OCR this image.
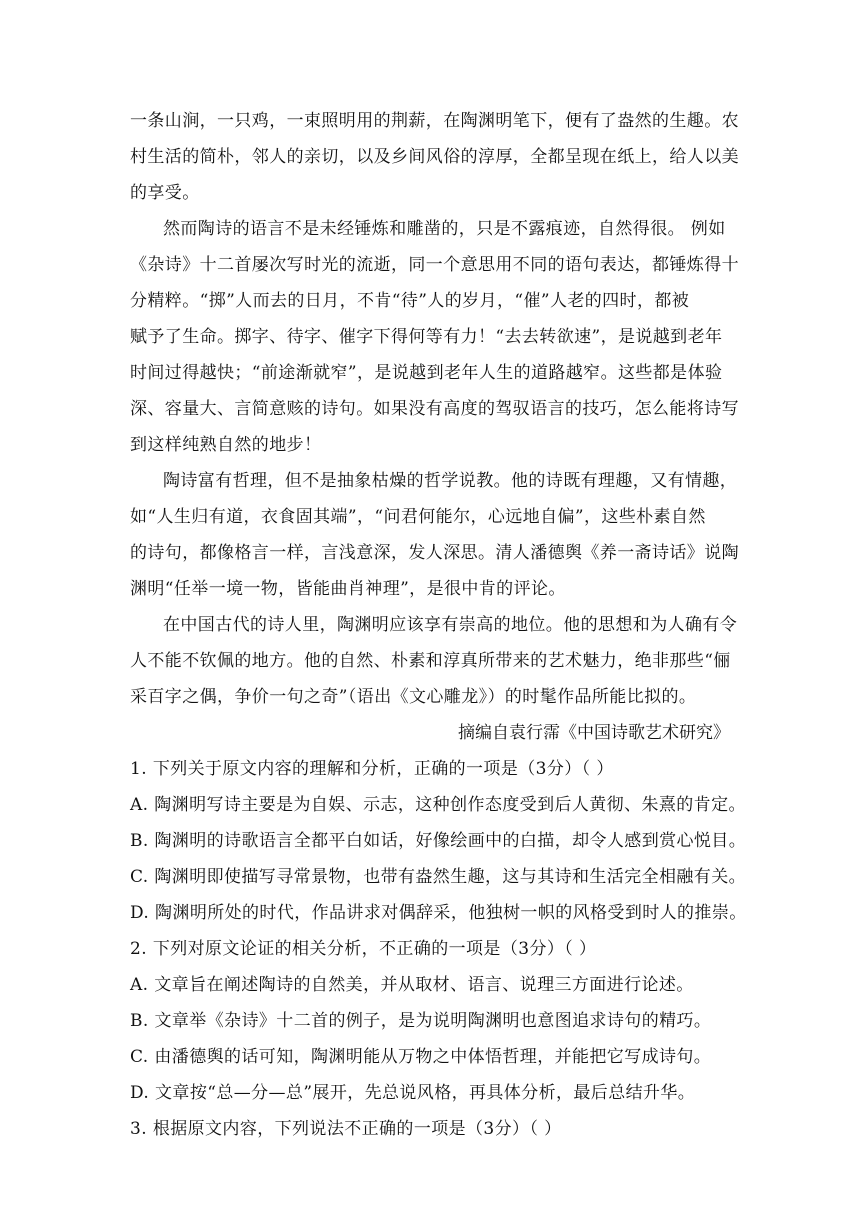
一条山涧，一只鸡，一束照明用的荆薪，在陶渊明笔下，便有了盎然的生趣。农
村生活的简朴，邻人的亲切，以及乡间风俗的淳厚，全都呈现在纸上，给人以美
的享受。
然而陶诗的语言不是未经锤炼和雕凿的，只是不露痕迹，自然得很。 例如
《杂诗》十二首屡次写时光的流逝，同一个意思用不同的语句表达，都锤炼得十
分精粹。“掷”人而去的日月，不肯“待”人的岁月，“催”人老的四时，都被
赋予了生命。掷字、待字、催字下得何等有力！“去去转欲速”，是说越到老年
时间过得越快；“前途渐就窄”，是说越到老年人生的道路越窄。这些都是体验
深、容量大、言简意赅的诗句。如果没有高度的驾驭语言的技巧，怎么能将诗写
到这样纯熟自然的地步！
陶诗富有哲理，但不是抽象枯燥的哲学说教。他的诗既有理趣，又有情趣，
如“人生归有道，衣食固其端”，“问君何能尔，心远地自偏”，这些朴素自然
的诗句，都像格言一样，言浅意深，发人深思。清人潘德舆《养一斋诗话》说陶
渊明“任举一境一物，皆能曲肖神理”，是很中肯的评论。
在中国古代的诗人里，陶渊明应该享有崇高的地位。他的思想和为人确有令
人不能不钦佩的地方。他的自然、朴素和淳真所带来的艺术魅力，绝非那些“俪
采百字之偶，争价一句之奇”（语出《文心雕龙》）的时髦作品所能比拟的。
摘编自袁行霈《中国诗歌艺术研究》
1. 下列关于原文内容的理解和分析，正确的一项是（3分）（ ）
A. 陶渊明写诗主要是为自娱、示志，这种创作态度受到后人黄彻、朱熹的肯定。
B. 陶渊明的诗歌语言全都平白如话，好像绘画中的白描，却令人感到赏心悦目。
C. 陶渊明即使描写寻常景物，也带有盎然生趣，这与其诗和生活完全相融有关。
D. 陶渊明所处的时代，作品讲求对偶辞采，他独树一帜的风格受到时人的推崇。
2. 下列对原文论证的相关分析，不正确的一项是（3分）（ ）
A. 文章旨在阐述陶诗的自然美，并从取材、语言、说理三方面进行论述。
B. 文章举《杂诗》十二首的例子，是为说明陶渊明也意图追求诗句的精巧。
C. 由潘德舆的话可知，陶渊明能从万物之中体悟哲理，并能把它写成诗句。
D. 文章按“总—分—总”展开，先总说风格，再具体分析，最后总结升华。
3. 根据原文内容，下列说法不正确的一项是（3分）（ ）
